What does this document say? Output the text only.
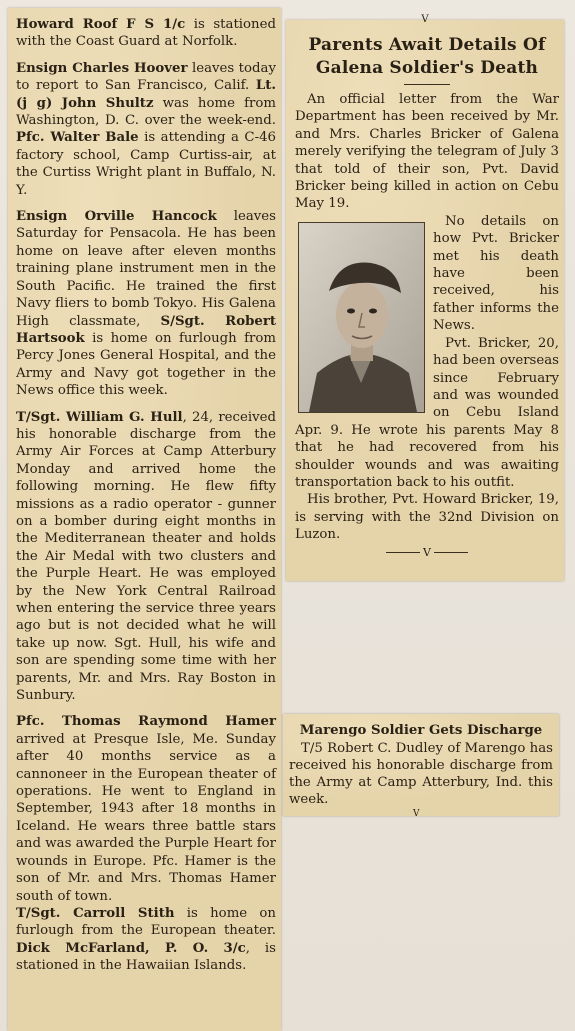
Howard Roof F S 1/c is stationed with the Coast Guard at Norfolk.

Ensign Charles Hoover leaves today to report to San Francisco, Calif. Lt. (j g) John Shultz was home from Washington, D. C. over the week-end. Pfc. Walter Bale is attending a C-46 factory school, Camp Curtiss-air, at the Curtiss Wright plant in Buffalo, N. Y.

Ensign Orville Hancock leaves Saturday for Pensacola. He has been home on leave after eleven months training plane instrument men in the South Pacific. He trained the first Navy fliers to bomb Tokyo. His Galena High classmate, S/Sgt. Robert Hartsook is home on furlough from Percy Jones General Hospital, and the Army and Navy got together in the News office this week.

T/Sgt. William G. Hull, 24, received his honorable discharge from the Army Air Forces at Camp Atterbury Monday and arrived home the following morning. He flew fifty missions as a radio operator - gunner on a bomber during eight months in the Mediterranean theater and holds the Air Medal with two clusters and the Purple Heart. He was employed by the New York Central Railroad when entering the service three years ago but is not decided what he will take up now. Sgt. Hull, his wife and son are spending some time with her parents, Mr. and Mrs. Ray Boston in Sunbury.

Pfc. Thomas Raymond Hamer arrived at Presque Isle, Me. Sunday after 40 months service as a cannoneer in the European theater of operations. He went to England in September, 1943 after 18 months in Iceland. He wears three battle stars and was awarded the Purple Heart for wounds in Europe. Pfc. Hamer is the son of Mr. and Mrs. Thomas Hamer south of town.

T/Sgt. Carroll Stith is home on furlough from the European theater. Dick McFarland, P. O. 3/c, is stationed in the Hawaiian Islands.

V
Parents Await Details Of Galena Soldier's Death

An official letter from the War Department has been received by Mr. and Mrs. Charles Bricker of Galena merely verifying the telegram of July 3 that told of their son, Pvt. David Bricker being killed in action on Cebu May 19.

No details on how Pvt. Bricker met his death have been received, his father informs the News.

Pvt. Bricker, 20, had been overseas since February and was wounded on Cebu Island Apr. 9. He wrote his parents May 8 that he had recovered from his shoulder wounds and was awaiting transportation back to his outfit.

His brother, Pvt. Howard Bricker, 19, is serving with the 32nd Division on Luzon.

V
Marengo Soldier Gets Discharge

T/5 Robert C. Dudley of Marengo has received his honorable discharge from the Army at Camp Atterbury, Ind. this week.

V
